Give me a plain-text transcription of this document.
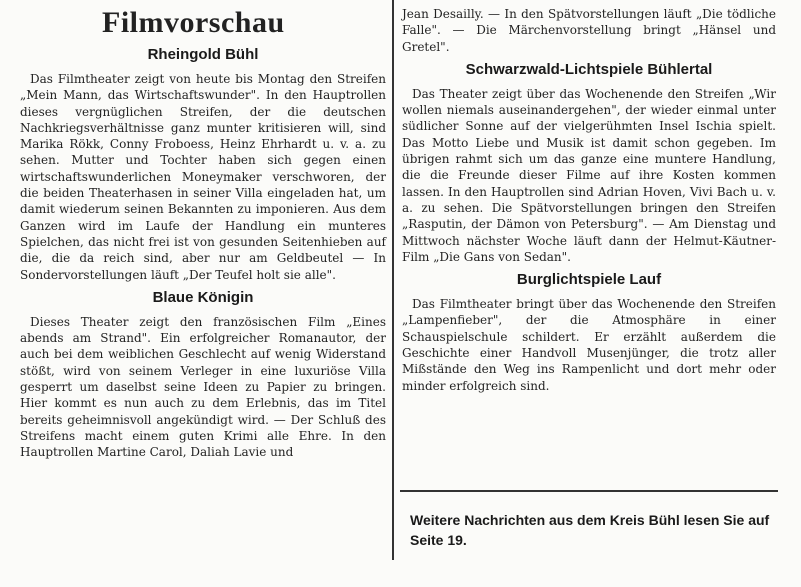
Filmvorschau
Rheingold Bühl

Das Filmtheater zeigt von heute bis Montag den Streifen „Mein Mann, das Wirtschaftswunder". In den Hauptrollen dieses vergnüglichen Streifen, der die deutschen Nachkriegsverhältnisse ganz munter kritisieren will, sind Marika Rökk, Conny Froboess, Heinz Ehrhardt u. v. a. zu sehen. Mutter und Tochter haben sich gegen einen wirtschaftswunderlichen Moneymaker verschworen, der die beiden Theaterhasen in seiner Villa eingeladen hat, um damit wiederum seinen Bekannten zu imponieren. Aus dem Ganzen wird im Laufe der Handlung ein munteres Spielchen, das nicht frei ist von gesunden Seitenhieben auf die, die da reich sind, aber nur am Geldbeutel — In Sondervorstellungen läuft „Der Teufel holt sie alle".

Blaue Königin

Dieses Theater zeigt den französischen Film „Eines abends am Strand". Ein erfolgreicher Romanautor, der auch bei dem weiblichen Geschlecht auf wenig Widerstand stößt, wird von seinem Verleger in eine luxuriöse Villa gesperrt um daselbst seine Ideen zu Papier zu bringen. Hier kommt es nun auch zu dem Erlebnis, das im Titel bereits geheimnisvoll angekündigt wird. — Der Schluß des Streifens macht einem guten Krimi alle Ehre. In den Hauptrollen Martine Carol, Daliah Lavie und

Jean Desailly. — In den Spätvorstellungen läuft „Die tödliche Falle". — Die Märchenvorstellung bringt „Hänsel und Gretel".

Schwarzwald-Lichtspiele Bühlertal

Das Theater zeigt über das Wochenende den Streifen „Wir wollen niemals auseinandergehen", der wieder einmal unter südlicher Sonne auf der vielgerühmten Insel Ischia spielt. Das Motto Liebe und Musik ist damit schon gegeben. Im übrigen rahmt sich um das ganze eine muntere Handlung, die die Freunde dieser Filme auf ihre Kosten kommen lassen. In den Hauptrollen sind Adrian Hoven, Vivi Bach u. v. a. zu sehen. Die Spätvorstellungen bringen den Streifen „Rasputin, der Dämon von Petersburg". — Am Dienstag und Mittwoch nächster Woche läuft dann der Helmut-Käutner-Film „Die Gans von Sedan".

Burglichtspiele Lauf

Das Filmtheater bringt über das Wochenende den Streifen „Lampenfieber", der die Atmosphäre in einer Schauspielschule schildert. Er erzählt außerdem die Geschichte einer Handvoll Musenjünger, die trotz aller Mißstände den Weg ins Rampenlicht und dort mehr oder minder erfolgreich sind.

Weitere Nachrichten aus dem Kreis Bühl lesen Sie auf Seite 19.
